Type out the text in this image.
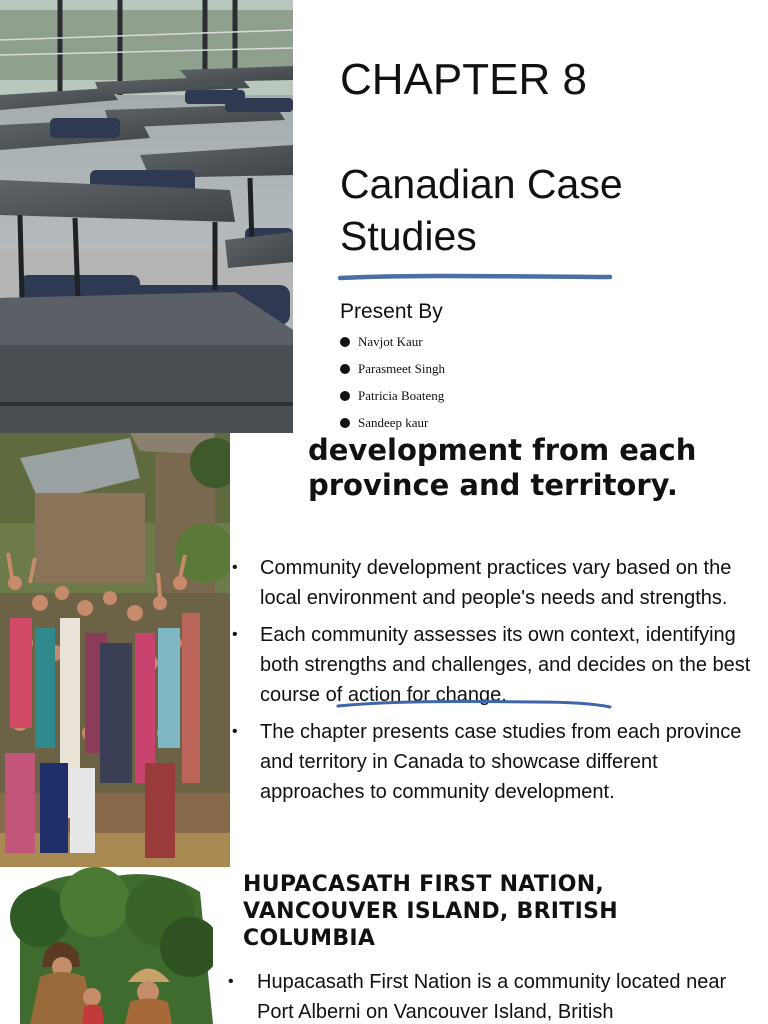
CHAPTER 8
Canadian Case Studies
Present By
Navjot Kaur
Parasmeet Singh
Patricia Boateng
Sandeep kaur
development from each province and territory.
• Community development practices vary based on the local environment and people's needs and strengths.
• Each community assesses its own context, identifying both strengths and challenges, and decides on the best course of action for change.
• The chapter presents case studies from each province and territory in Canada to showcase different approaches to community development.
HUPACASATH FIRST NATION, VANCOUVER ISLAND, BRITISH COLUMBIA
• Hupacasath First Nation is a community located near Port Alberni on Vancouver Island, British
